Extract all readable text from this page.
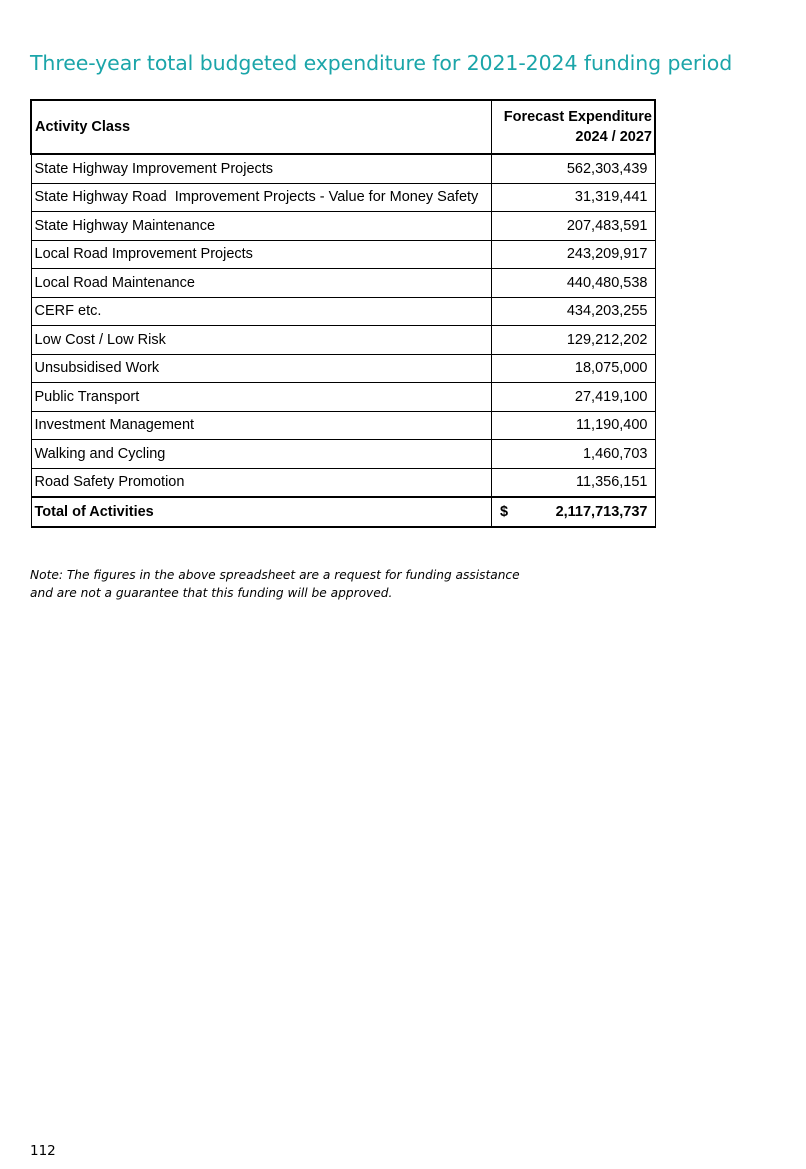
Three-year total budgeted expenditure for 2021-2024 funding period
Activity Class	Forecast Expenditure
2024 / 2027

State Highway Improvement Projects	562,303,439
State Highway Road  Improvement Projects - Value for Money Safety	31,319,441
State Highway Maintenance	207,483,591
Local Road Improvement Projects	243,209,917
Local Road Maintenance	440,480,538
CERF etc.	434,203,255
Low Cost / Low Risk	129,212,202
Unsubsidised Work	18,075,000
Public Transport	27,419,100
Investment Management	11,190,400
Walking and Cycling	1,460,703
Road Safety Promotion	11,356,151
Total of Activities	$ 2,117,713,737
Note: The figures in the above spreadsheet are a request for funding assistance
and are not a guarantee that this funding will be approved.
112
